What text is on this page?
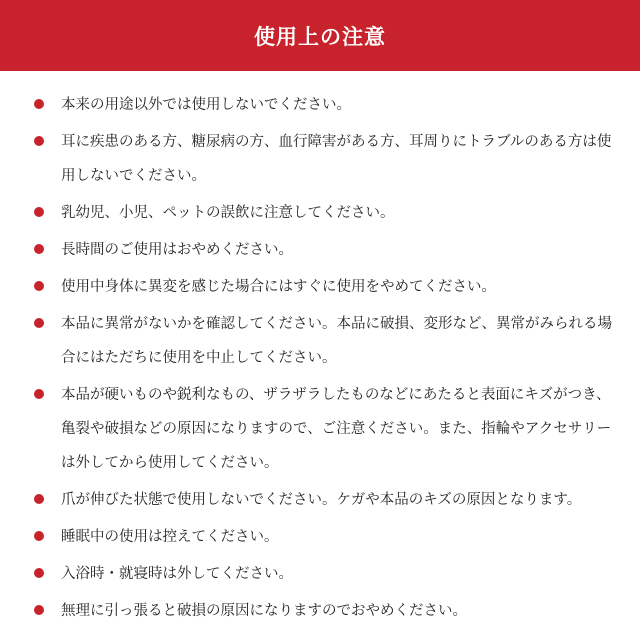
使用上の注意
本来の用途以外では使用しないでください。
耳に疾患のある方、糖尿病の方、血行障害がある方、耳周りにトラブルのある方は使用しないでください。
乳幼児、小児、ペットの誤飲に注意してください。
長時間のご使用はおやめください。
使用中身体に異変を感じた場合にはすぐに使用をやめてください。
本品に異常がないかを確認してください。本品に破損、変形など、異常がみられる場合にはただちに使用を中止してください。
本品が硬いものや鋭利なもの、ザラザラしたものなどにあたると表面にキズがつき、亀裂や破損などの原因になりますので、ご注意ください。また、指輪やアクセサリーは外してから使用してください。
爪が伸びた状態で使用しないでください。ケガや本品のキズの原因となります。
睡眠中の使用は控えてください。
入浴時・就寝時は外してください。
無理に引っ張ると破損の原因になりますのでおやめください。
